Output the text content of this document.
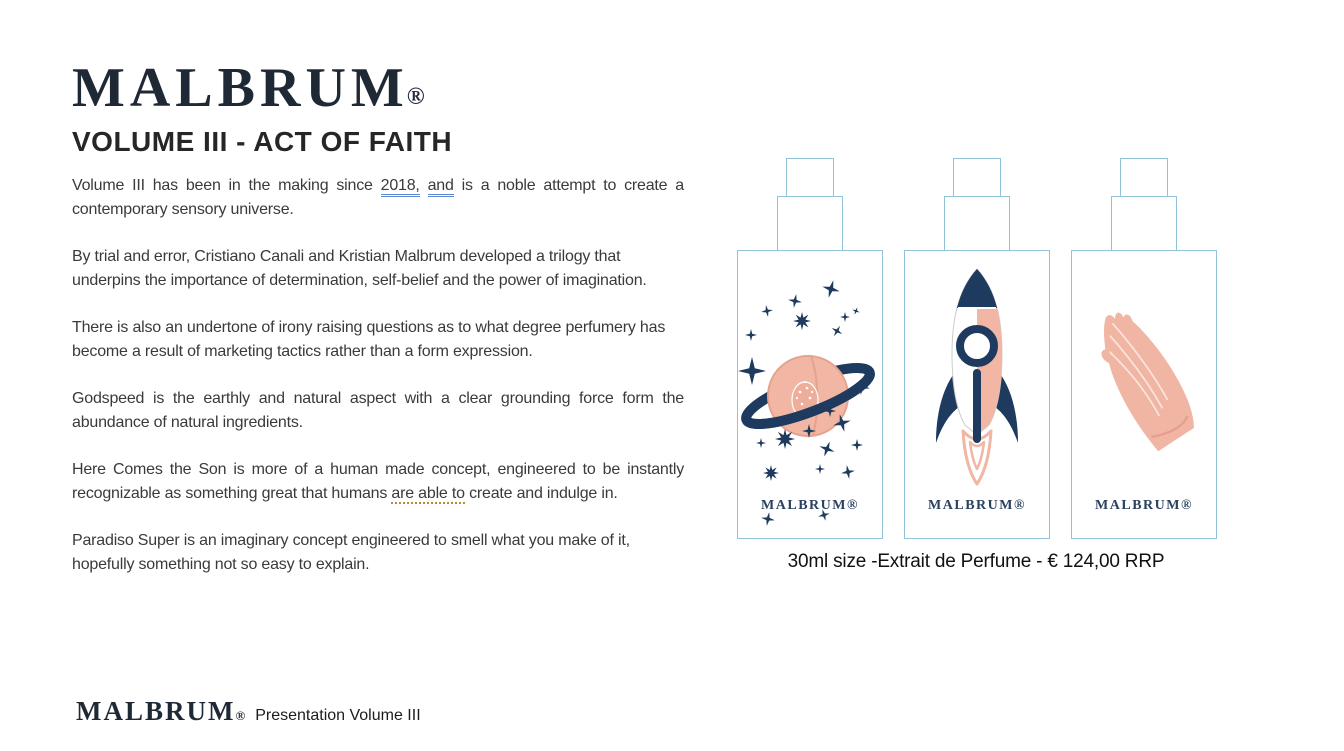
MALBRUM®
VOLUME III - ACT OF FAITH

Volume III has been in the making since 2018, and is a noble attempt to create a contemporary sensory universe.

By trial and error, Cristiano Canali and Kristian Malbrum developed a trilogy that underpins the importance of determination, self-belief and the power of imagination.

There is also an undertone of irony raising questions as to what degree perfumery has become a result of marketing tactics rather than a form expression.

Godspeed is the earthly and natural aspect with a clear grounding force form the abundance of natural ingredients.

Here Comes the Son is more of a human made concept, engineered to be instantly recognizable as something great that humans are able to create and indulge in.

Paradiso Super is an imaginary concept engineered to smell what you make of it, hopefully something not so easy to explain.

MALBRUM®	MALBRUM®	MALBRUM®
30ml size -Extrait de Perfume - € 124,00 RRP
MALBRUM® Presentation Volume III
